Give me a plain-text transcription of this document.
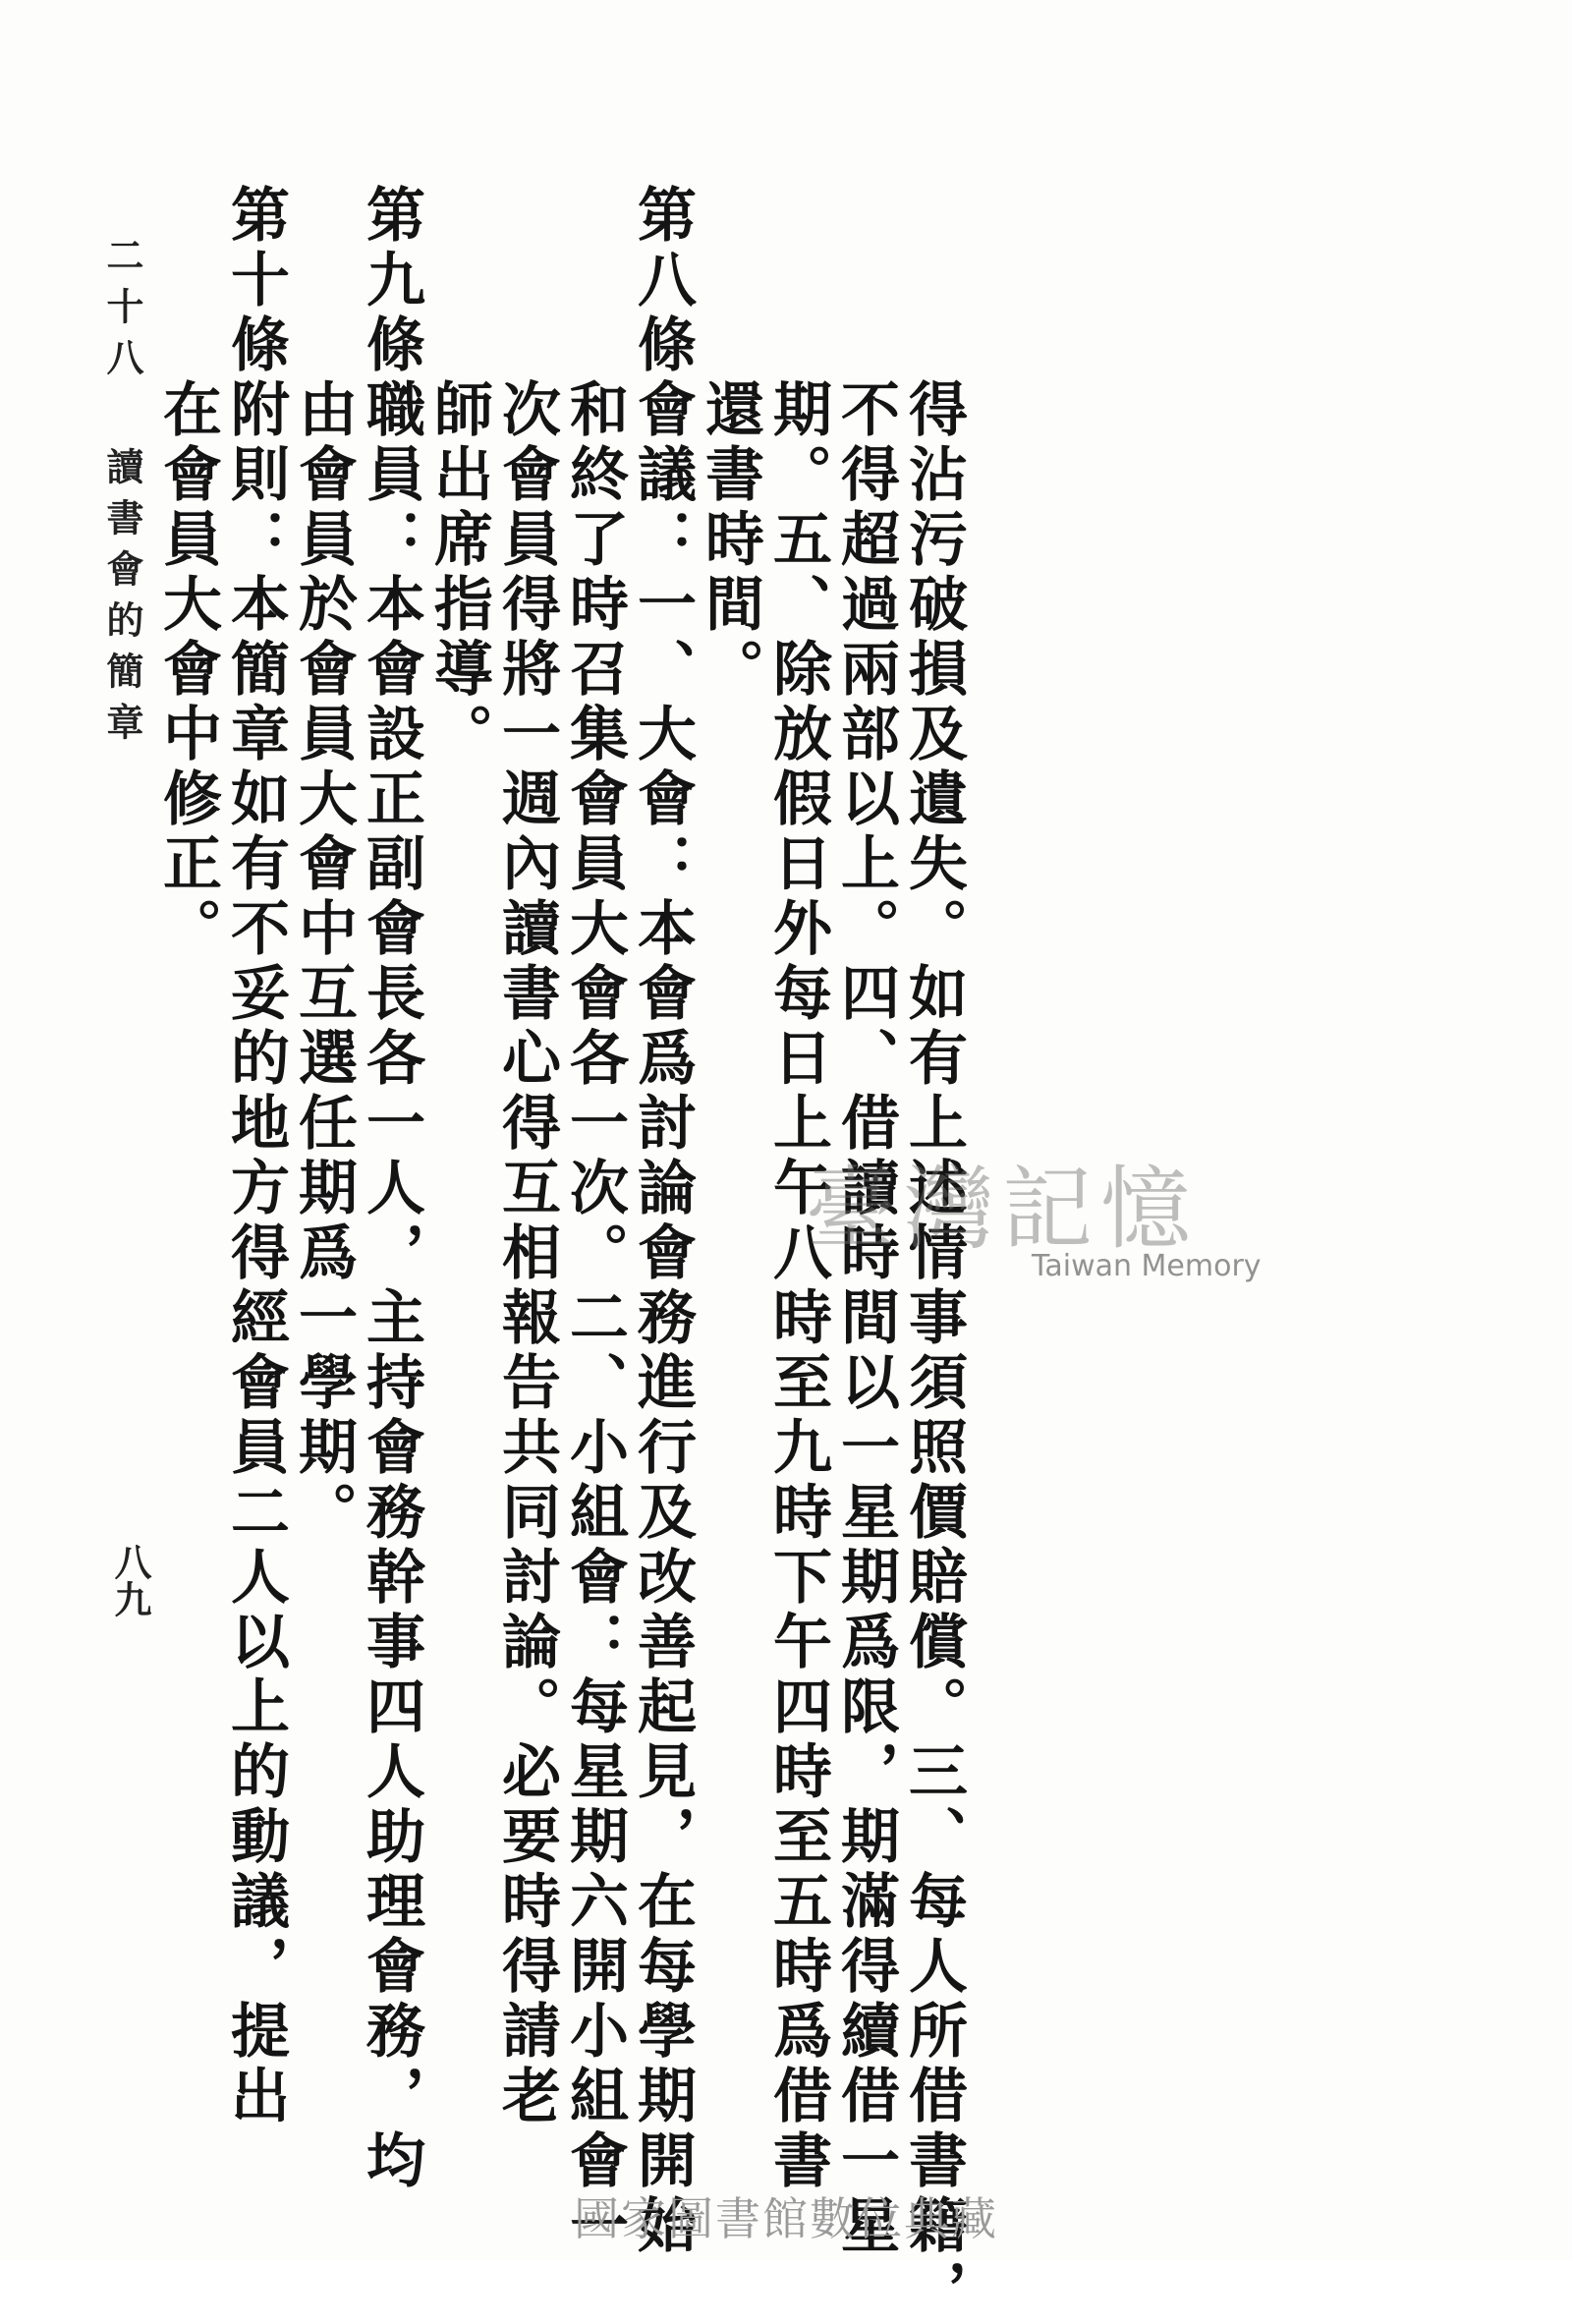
得沾污破損及遺失。如有上述情事須照價賠償。三、每人所借書籍，
不得超過兩部以上。四、借讀時間以一星期爲限，期滿得續借一星
期。五、除放假日外每日上午八時至九時下午四時至五時爲借書
還書時間。
第八條
會議：一、大會：本會爲討論會務進行及改善起見，在每學期開始
和終了時召集會員大會各一次。二、小組會：每星期六開小組會一
次會員得將一週內讀書心得互相報告共同討論。必要時得請老
師出席指導。
第九條
職員：本會設正副會長各一人，主持會務幹事四人助理會務，均
由會員於會員大會中互選任期爲一學期。
第十條
附則：本簡章如有不妥的地方得經會員二人以上的動議，提出
在會員大會中修正。
二十八 讀書會的簡章
八九
臺灣記憶
Taiwan Memory
國家圖書館數位典藏
